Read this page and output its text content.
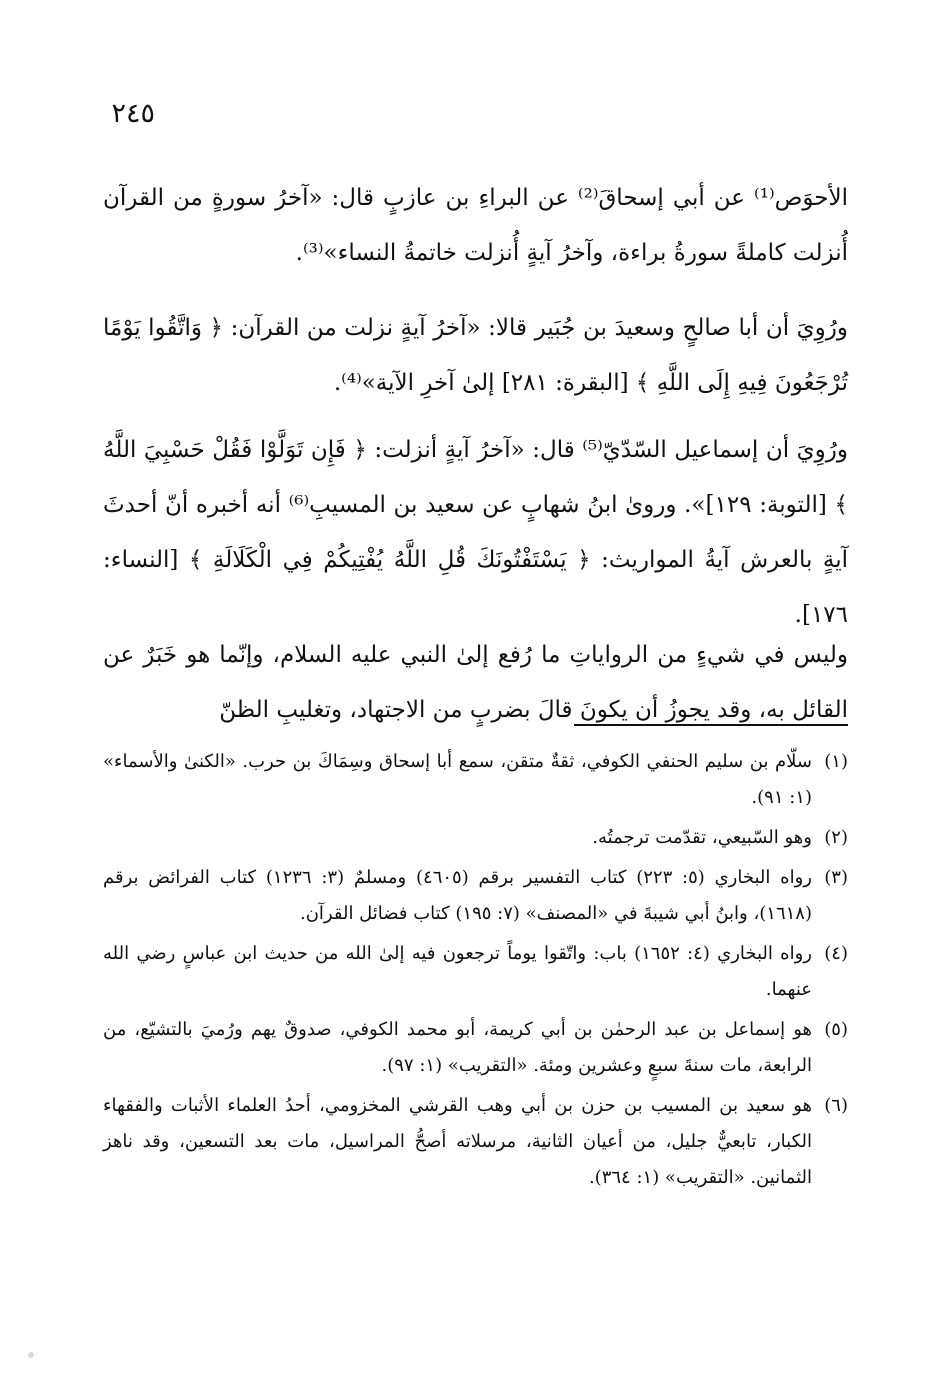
٢٤٥

الأحوَص⁽¹⁾ عن أبي إسحاقَ⁽²⁾ عن البراءِ بن عازبٍ قال: «آخرُ سورةٍ من القرآن أُنزلت كاملةً سورةُ براءة، وآخرُ آيةٍ أُنزلت خاتمةُ النساء»⁽³⁾.

ورُوِيَ أن أبا صالحٍ وسعيدَ بن جُبَير قالا: «آخرُ آيةٍ نزلت من القرآن: ﴿ وَاتَّقُوا يَوْمًا تُرْجَعُونَ فِيهِ إِلَى اللَّهِ ﴾ [البقرة: ٢٨١] إلىٰ آخرِ الآية»⁽⁴⁾.

ورُوِيَ أن إسماعيل السّدّيّ⁽⁵⁾ قال: «آخرُ آيةٍ أنزلت: ﴿ فَإِن تَوَلَّوْا فَقُلْ حَسْبِيَ اللَّهُ ﴾ [التوبة: ١٢٩]». وروىٰ ابنُ شهابٍ عن سعيد بن المسيبِ⁽⁶⁾ أنه أخبره أنّ أحدثَ آيةٍ بالعرش آيةُ المواريث: ﴿ يَسْتَفْتُونَكَ قُلِ اللَّهُ يُفْتِيكُمْ فِي الْكَلَالَةِ ﴾ [النساء: ١٧٦].

وليس في شيءٍ من الرواياتِ ما رُفع إلىٰ النبي عليه السلام، وإنّما هو خَبَرٌ عن القائل به، وقد يجوزُ أن يكونَ قالَ بضربٍ من الاجتهاد، وتغليبِ الظنّ

(١)
سلّام بن سليم الحنفي الكوفي، ثقةٌ متقن، سمع أبا إسحاق وسِمَاكَ بن حرب. «الكنىٰ والأسماء» (١: ٩١).
(٢)
وهو السّبيعي، تقدّمت ترجمتُه.
(٣)
رواه البخاري (٥: ٢٢٣) كتاب التفسير برقم (٤٦٠٥) ومسلمٌ (٣: ١٢٣٦) كتاب الفرائض برقم (١٦١٨)، وابنُ أبي شيبةَ في «المصنف» (٧: ١٩٥) كتاب فضائل القرآن.
(٤)
رواه البخاري (٤: ١٦٥٢) باب: واتّقوا يوماً ترجعون فيه إلىٰ الله من حديث ابن عباسٍ رضي الله عنهما.
(٥)
هو إسماعل بن عبد الرحمٰن بن أبي كريمة، أبو محمد الكوفي، صدوقٌ يهم ورُميَ بالتشيّع، من الرابعة، مات سنةَ سبعٍ وعشرين ومئة. «التقريب» (١: ٩٧).
(٦)
هو سعيد بن المسيب بن حزن بن أبي وهب القرشي المخزومي، أحدُ العلماء الأثبات والفقهاء الكبار، تابعيٌّ جليل، من أعيان الثانية، مرسلاته أصحُّ المراسيل، مات بعد التسعين، وقد ناهز الثمانين. «التقريب» (١: ٣٦٤).
